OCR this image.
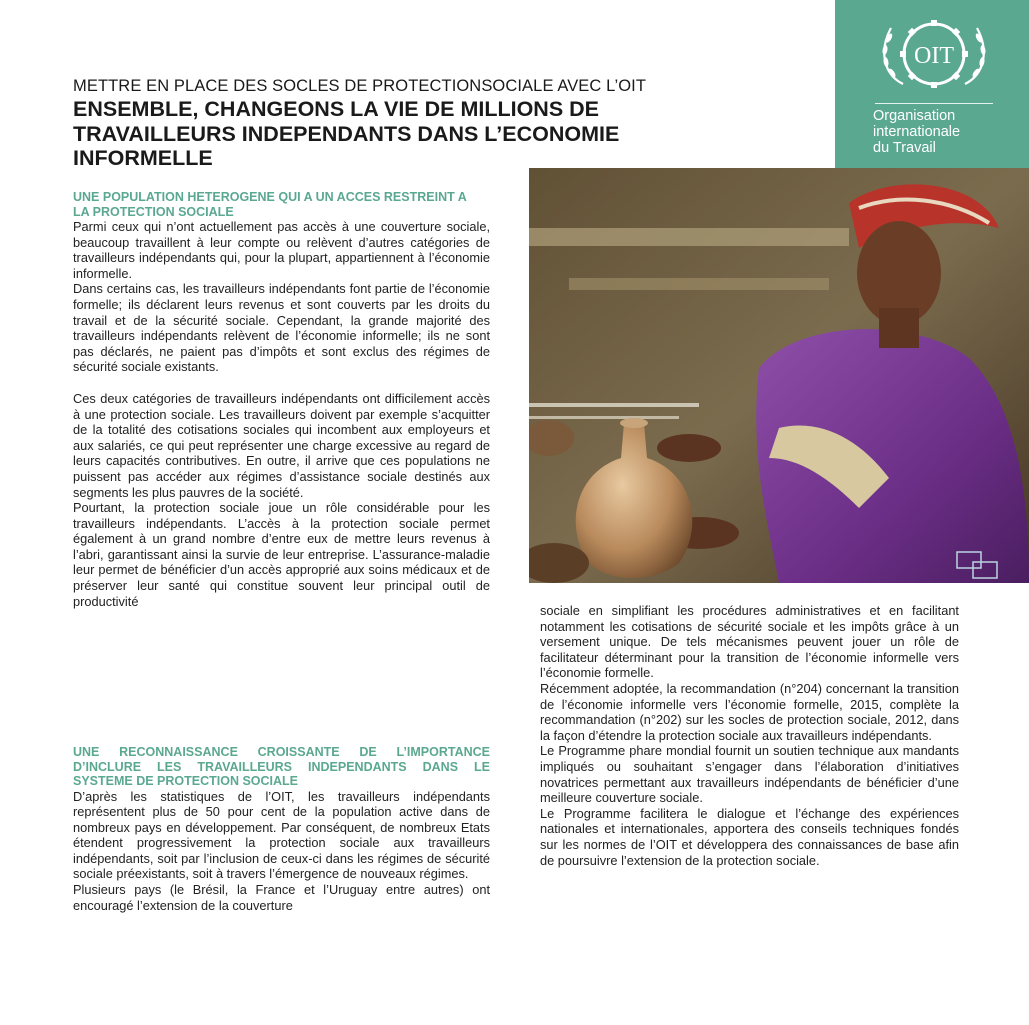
OIT
Organisation
internationale
du Travail
METTRE EN PLACE DES SOCLES DE PROTECTIONSOCIALE AVEC L’OIT
ENSEMBLE, CHANGEONS LA VIE DE MILLIONS DE
TRAVAILLEURS INDEPENDANTS DANS L’ECONOMIE
INFORMELLE
UNE POPULATION HETEROGENE QUI A UN ACCES RESTREINT A LA PROTECTION SOCIALE

Parmi ceux qui n’ont actuellement pas accès à une couverture sociale, beaucoup travaillent à leur compte ou relèvent d’autres catégories de travailleurs indépendants qui, pour la plupart, appartiennent à l’économie informelle.

Dans certains cas, les travailleurs indépendants font partie de l’économie formelle; ils déclarent leurs revenus et sont couverts par les droits du travail et de la sécurité sociale. Cependant, la grande majorité des travailleurs indépendants relèvent de l’économie informelle; ils ne sont pas déclarés, ne paient pas d’impôts et sont exclus des régimes de sécurité sociale existants.

Ces deux catégories de travailleurs indépendants ont difficilement accès à une protection sociale. Les travailleurs doivent par exemple s’acquitter de la totalité des cotisations sociales qui incombent aux employeurs et aux salariés, ce qui peut représenter une charge excessive au regard de leurs capacités contributives. En outre, il arrive que ces populations ne puissent pas accéder aux régimes d’assistance sociale destinés aux segments les plus pauvres de la société.

Pourtant, la protection sociale joue un rôle considérable pour les travailleurs indépendants. L’accès à la protection sociale permet également à un grand nombre d’entre eux de mettre leurs revenus à l’abri, garantissant ainsi la survie de leur entreprise. L’assurance-maladie leur permet de bénéficier d’un accès approprié aux soins médicaux et de préserver leur santé qui constitue souvent leur principal outil de productivité

UNE RECONNAISSANCE CROISSANTE DE L’IMPORTANCE D’INCLURE LES TRAVAILLEURS INDEPENDANTS DANS LE SYSTEME DE PROTECTION SOCIALE

D’après les statistiques de l’OIT, les travailleurs indépendants représentent plus de 50 pour cent de la population active dans de nombreux pays en développement. Par conséquent, de nombreux Etats étendent progressivement la protection sociale aux travailleurs indépendants, soit par l’inclusion de ceux-ci dans les régimes de sécurité sociale préexistants, soit à travers l’émergence de nouveaux régimes.

Plusieurs pays (le Brésil, la France et l’Uruguay entre autres) ont encouragé l’extension de la couverture

sociale en simplifiant les procédures administratives et en facilitant notamment les cotisations de sécurité sociale et les impôts grâce à un versement unique. De tels mécanismes peuvent jouer un rôle de facilitateur déterminant pour la transition de l’économie informelle vers l’économie formelle.

Récemment adoptée, la recommandation (n°204) concernant la transition de l’économie informelle vers l’économie formelle, 2015, complète la recommandation (n°202) sur les socles de protection sociale, 2012, dans la façon d’étendre la protection sociale aux travailleurs indépendants.

Le Programme phare mondial fournit un soutien technique aux mandants impliqués ou souhaitant s’engager dans l’élaboration d’initiatives novatrices permettant aux travailleurs indépendants de bénéficier d’une meilleure couverture sociale.

Le Programme facilitera le dialogue et l’échange des expériences nationales et internationales, apportera des conseils techniques fondés sur les normes de l’OIT et développera des connaissances de base afin de poursuivre l’extension de la protection sociale.
